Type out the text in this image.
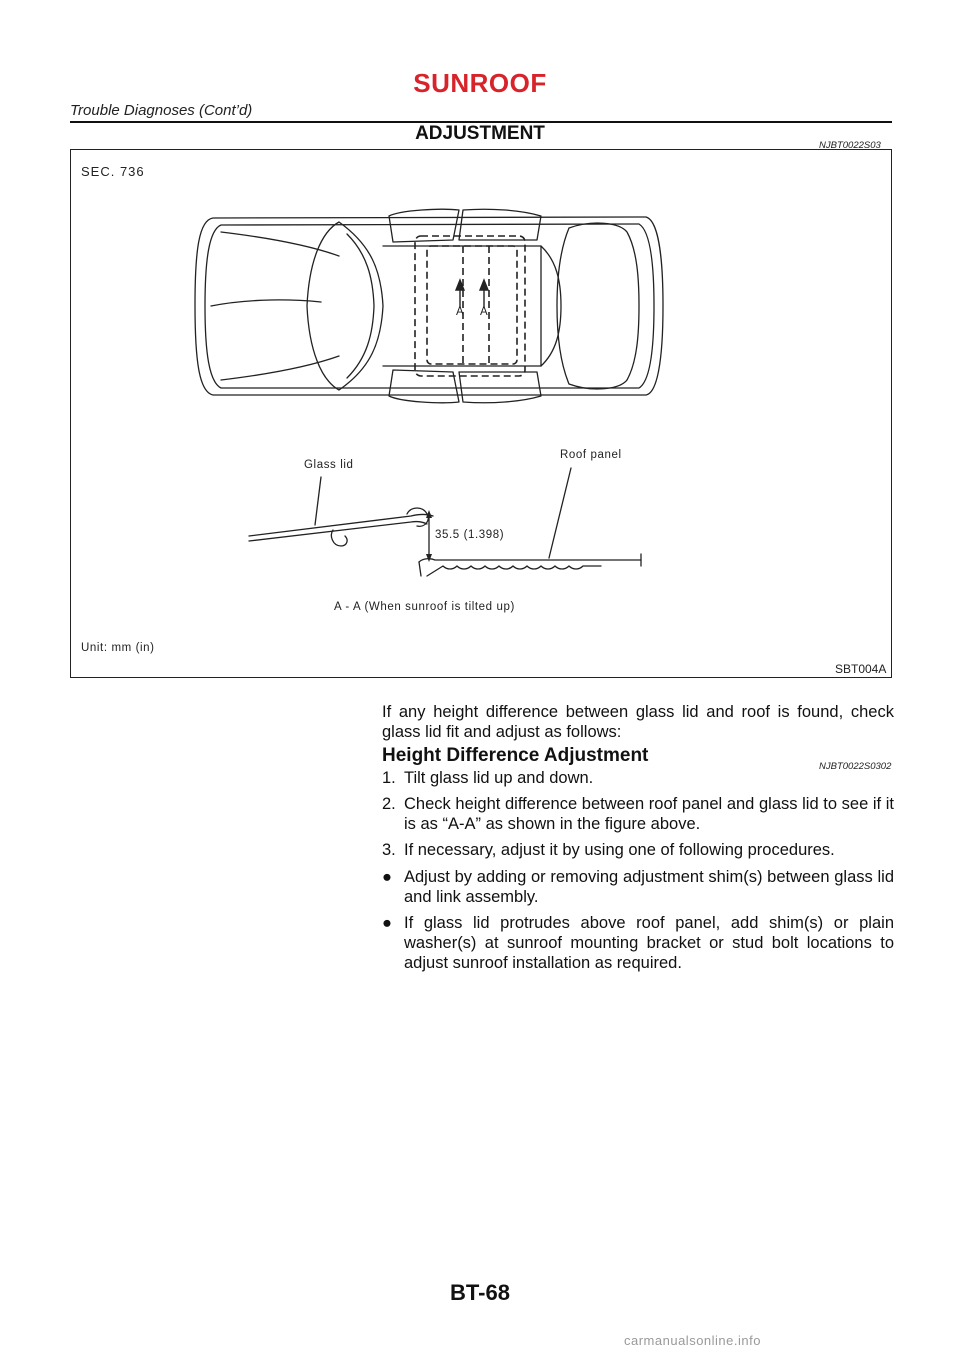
SUNROOF
Trouble Diagnoses (Cont’d)
ADJUSTMENT
NJBT0022S03
SEC. 736
A A
Glass lid
Roof panel
35.5 (1.398)
A - A (When sunroof is tilted up)
Unit: mm (in)
SBT004A
If any height difference between glass lid and roof is found, check glass lid fit and adjust as follows:
Height Difference Adjustment
NJBT0022S0302
1. Tilt glass lid up and down.
2. Check height difference between roof panel and glass lid to see if it is as “A-A” as shown in the figure above.
3. If necessary, adjust it by using one of following procedures.
● Adjust by adding or removing adjustment shim(s) between glass lid and link assembly.
● If glass lid protrudes above roof panel, add shim(s) or plain washer(s) at sunroof mounting bracket or stud bolt locations to adjust sunroof installation as required.
BT-68
carmanualsonline.info
